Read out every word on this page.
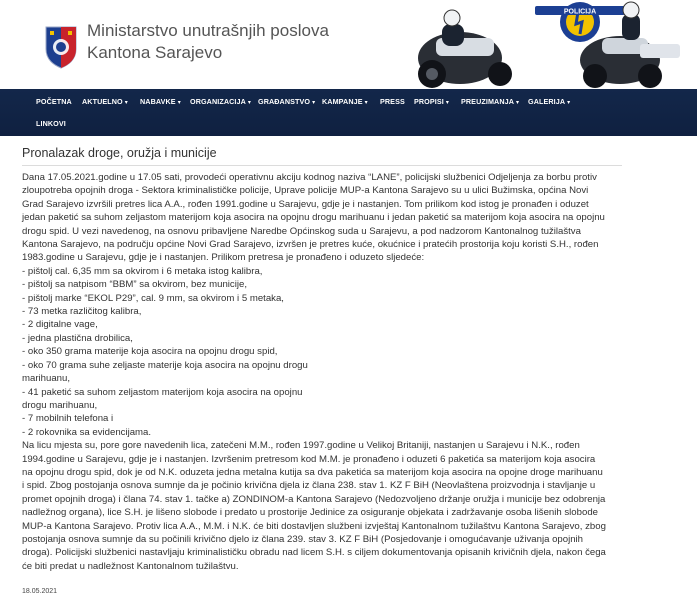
Ministarstvo unutrašnjih poslova
Kantona Sarajevo
POLICIJA
POČETNA AKTUELNO ▾ NABAVKE ▾ ORGANIZACIJA ▾ GRAĐANSTVO ▾ KAMPANJE ▾ PRESS PROPISI ▾ PREUZIMANJA ▾ GALERIJA ▾
LINKOVI
Pronalazak droge, oružja i municije

Dana 17.05.2021.godine u 17.05 sati, provodeći operativnu akciju kodnog naziva “LANE”, policijski službenici Odjeljenja za borbu protiv

zloupotreba opojnih droga - Sektora kriminalističke policije, Uprave policije MUP-a Kantona Sarajevo su u ulici Bužimska, općina Novi

Grad Sarajevo izvršili pretres lica A.A., rođen 1991.godine u Sarajevu, gdje je i nastanjen. Tom prilikom kod istog je pronađen i oduzet

jedan paketić sa suhom zeljastom materijom koja asocira na opojnu drogu marihuanu i jedan paketić sa materijom koja asocira na opojnu

drogu spid. U vezi navedenog, na osnovu pribavljene Naredbe Općinskog suda u Sarajevu, a pod nadzorom Kantonalnog tužilaštva

Kantona Sarajevo, na području općine Novi Grad Sarajevo, izvršen je pretres kuće, okućnice i pratećih prostorija koju koristi S.H., rođen

1983.godine u Sarajevu, gdje je i nastanjen. Prilikom pretresa je pronađeno i oduzeto sljedeće:

- pištolj cal. 6,35 mm sa okvirom i 6 metaka istog kalibra,

- pištolj sa natpisom “BBM” sa okvirom, bez municije,

- pištolj marke “EKOL P29”, cal. 9 mm, sa okvirom i 5 metaka,

- 73 metka različitog kalibra,

- 2 digitalne vage,

- jedna plastična drobilica,

- oko 350 grama materije koja asocira na opojnu drogu spid,

- oko 70 grama suhe zeljaste materije koja asocira na opojnu drogu

marihuanu,

- 41 paketić sa suhom zeljastom materijom koja asocira na opojnu

drogu marihuanu,

- 7 mobilnih telefona i

- 2 rokovnika sa evidencijama.

Na licu mjesta su, pore gore navedenih lica, zatečeni M.M., rođen 1997.godine u Velikoj Britaniji, nastanjen u Sarajevu i N.K., rođen

1994.godine u Sarajevu, gdje je i nastanjen. Izvršenim pretresom kod M.M. je pronađeno i oduzeti 6 paketića sa materijom koja asocira

na opojnu drogu spid, dok je od N.K. oduzeta jedna metalna kutija sa dva paketića sa materijom koja asocira na opojne droge marihuanu

i spid. Zbog postojanja osnova sumnje da je počinio krivična djela iz člana 238. stav 1. KZ F BiH (Neovlaštena proizvodnja i stavljanje u

promet opojnih droga) i člana 74. stav 1. tačke a) ZONDINOM-a Kantona Sarajevo (Nedozvoljeno držanje oružja i municije bez odobrenja

nadležnog organa), lice S.H. je lišeno slobode i predato u prostorije Jedinice za osiguranje objekata i zadržavanje osoba lišenih slobode

MUP-a Kantona Sarajevo. Protiv lica A.A., M.M. i N.K. će biti dostavljen službeni izvještaj Kantonalnom tužilaštvu Kantona Sarajevo, zbog

postojanja osnova sumnje da su počinili krivično djelo iz člana 239. stav 3. KZ F BiH (Posjedovanje i omogućavanje uživanja opojnih

droga). Policijski službenici nastavljaju kriminalističku obradu nad licem S.H. s ciljem dokumentovanja opisanih krivičnih djela, nakon čega

će biti predat u nadležnost Kantonalnom tužilaštvu.

18.05.2021
